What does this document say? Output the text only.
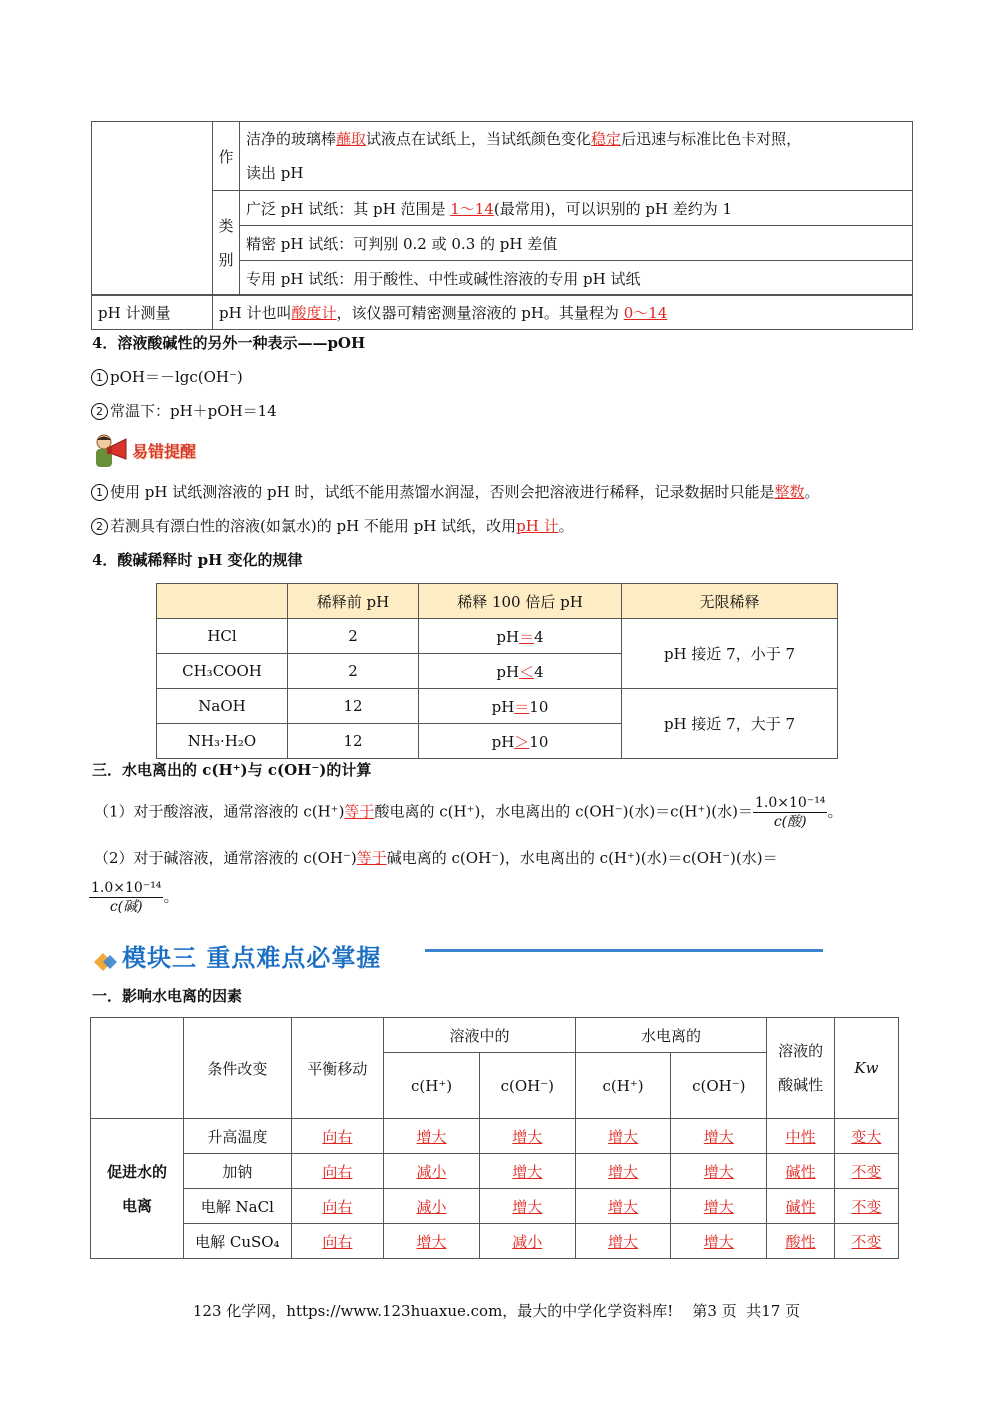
	作	洁净的玻璃棒蘸取试液点在试纸上，当试纸颜色变化稳定后迅速与标准比色卡对照，
读出 pH
	类
别	广泛 pH 试纸：其 pH 范围是 1～14(最常用)，可以识别的 pH 差约为 1
		精密 pH 试纸：可判别 0.2 或 0.3 的 pH 差值
		专用 pH 试纸：用于酸性、中性或碱性溶液的专用 pH 试纸
pH 计测量	pH 计也叫酸度计，该仪器可精密测量溶液的 pH。其量程为 0～14
4．溶液酸碱性的另外一种表示——pOH
1 pOH＝－lgc(OH⁻)
2 常温下：pH＋pOH＝14
易错提醒
1 使用 pH 试纸测溶液的 pH 时，试纸不能用蒸馏水润湿，否则会把溶液进行稀释，记录数据时只能是整数。
2 若测具有漂白性的溶液(如氯水)的 pH 不能用 pH 试纸，改用pH 计。
4．酸碱稀释时 pH 变化的规律
	稀释前 pH	稀释 100 倍后 pH	无限稀释
HCl	2	pH＝4	pH 接近 7，小于 7
CH₃COOH	2	pH＜4	
NaOH	12	pH＝10	pH 接近 7，大于 7
NH₃·H₂O	12	pH＞10	
三．水电离出的 c(H⁺)与 c(OH⁻)的计算
（1）对于酸溶液，通常溶液的 c(H⁺)等于酸电离的 c(H⁺)，水电离出的 c(OH⁻)(水)＝c(H⁺)(水)＝ $\frac{\text{1.0×10⁻¹⁴}}{\text{c(酸)}}$ 。
（2）对于碱溶液，通常溶液的 c(OH⁻)等于碱电离的 c(OH⁻)，水电离出的 c(H⁺)(水)＝c(OH⁻)(水)＝
$\frac{\text{1.0×10⁻¹⁴}}{\text{c(碱)}}$ 。
模块三 重点难点必掌握
一．影响水电离的因素
	条件改变	平衡移动	溶液中的		水电离的		溶液的酸碱性	Kw
			c(H⁺)	c(OH⁻)	c(H⁺)	c(OH⁻)		
促进水的电离	升高温度	向右	增大	增大	增大	增大	中性	变大
	加钠	向右	减小	增大	增大	增大	碱性	不变
	电解 NaCl	向右	减小	增大	增大	增大	碱性	不变
	电解 CuSO₄	向右	增大	减小	增大	增大	酸性	不变
123 化学网，https://www.123huaxue.com，最大的中学化学资料库!    第3 页  共17 页
